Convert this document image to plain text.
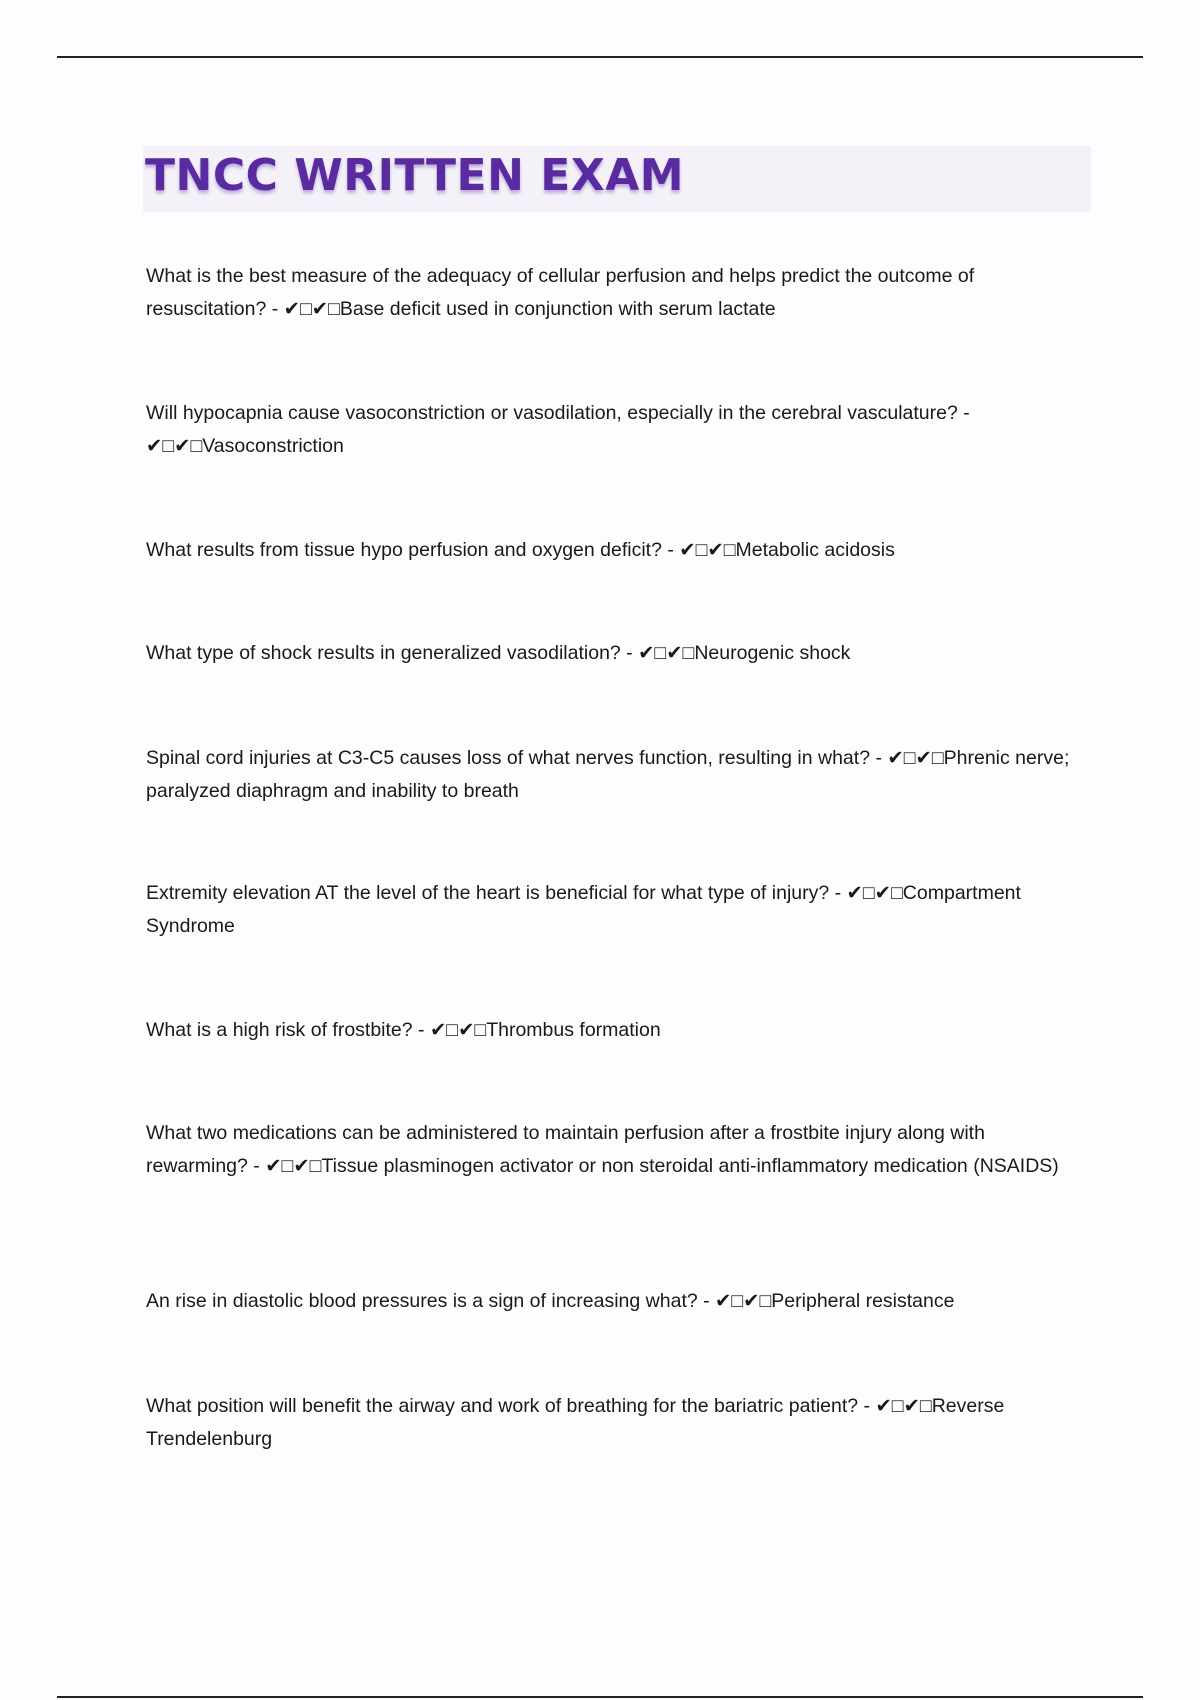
TNCC WRITTEN EXAM

What is the best measure of the adequacy of cellular perfusion and helps predict the outcome of resuscitation? - ✔□✔□Base deficit used in conjunction with serum lactate

Will hypocapnia cause vasoconstriction or vasodilation, especially in the cerebral vasculature? - ✔□✔□Vasoconstriction

What results from tissue hypo perfusion and oxygen deficit? - ✔□✔□Metabolic acidosis

What type of shock results in generalized vasodilation? - ✔□✔□Neurogenic shock

Spinal cord injuries at C3-C5 causes loss of what nerves function, resulting in what? - ✔□✔□Phrenic nerve; paralyzed diaphragm and inability to breath

Extremity elevation AT the level of the heart is beneficial for what type of injury? - ✔□✔□Compartment Syndrome

What is a high risk of frostbite? - ✔□✔□Thrombus formation

What two medications can be administered to maintain perfusion after a frostbite injury along with rewarming? - ✔□✔□Tissue plasminogen activator or non steroidal anti-inflammatory medication (NSAIDS)

An rise in diastolic blood pressures is a sign of increasing what? - ✔□✔□Peripheral resistance

What position will benefit the airway and work of breathing for the bariatric patient? - ✔□✔□Reverse Trendelenburg
